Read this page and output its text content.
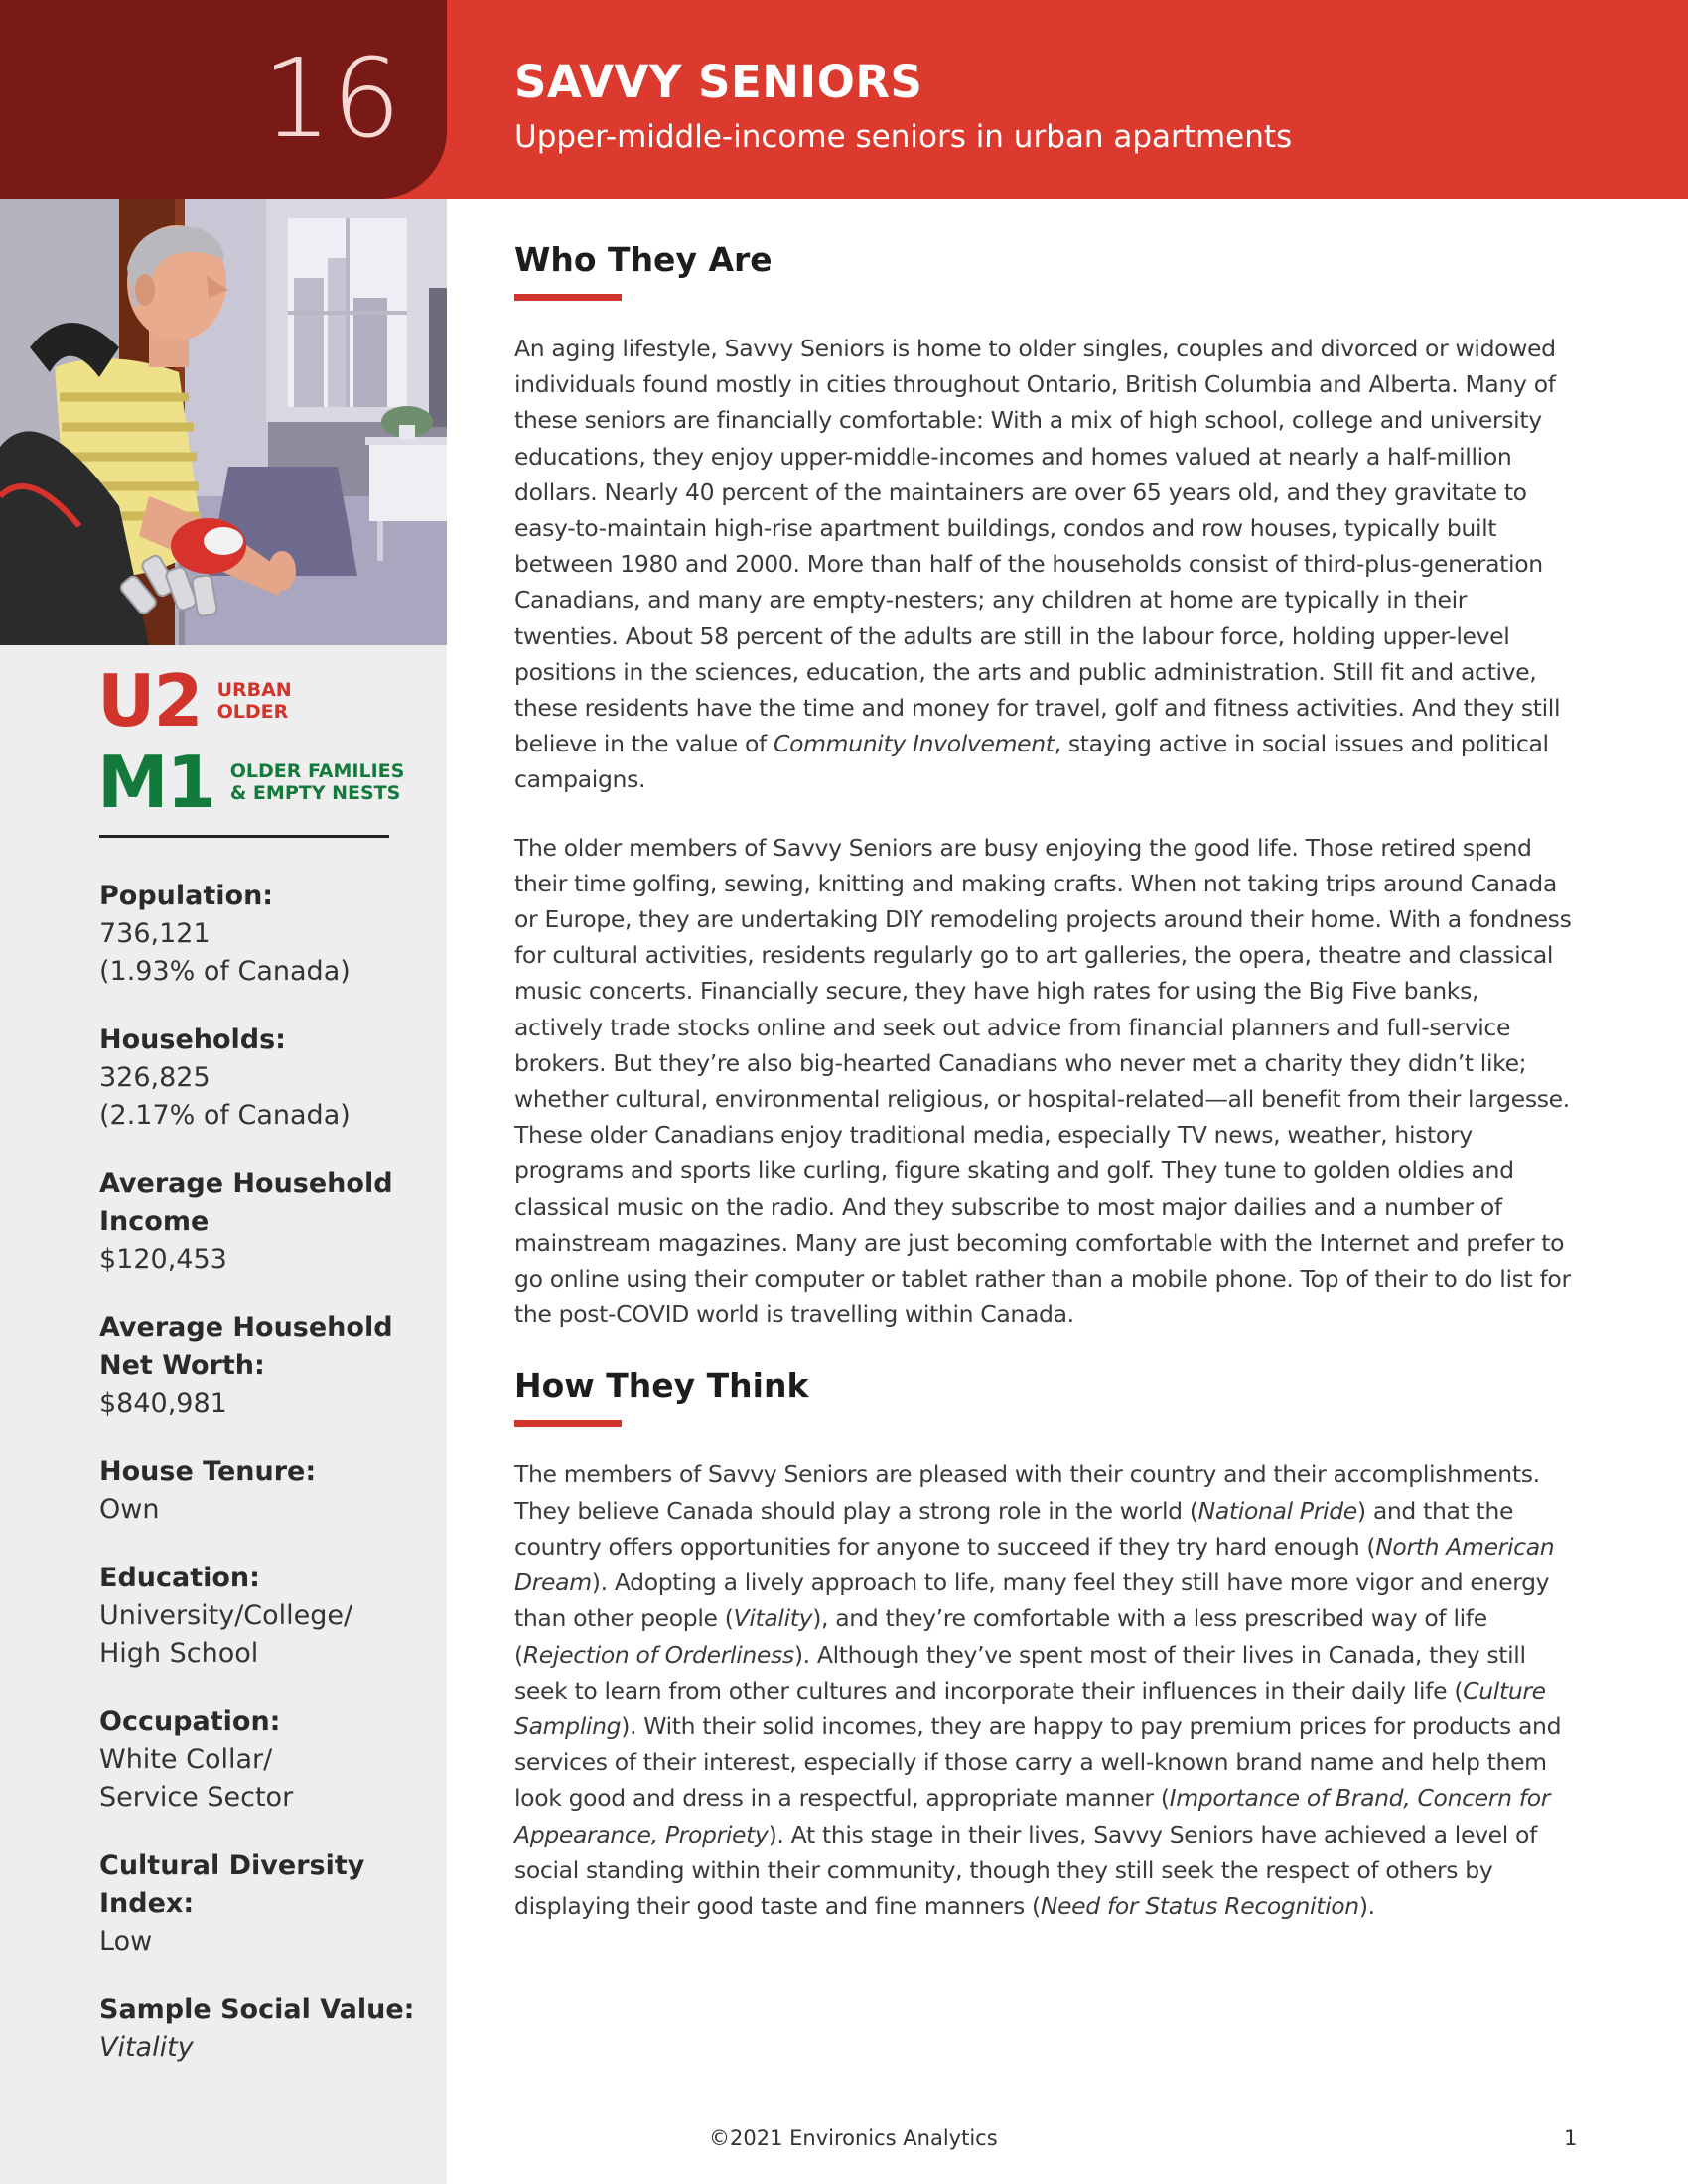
16	SAVVY SENIORS
Upper-middle-income seniors in urban apartments
U2 URBAN
OLDER
M1 OLDER FAMILIES
& EMPTY NESTS
Population:
736,121
(1.93% of Canada)
Households:
326,825
(2.17% of Canada)
Average Household Income
$120,453
Average Household Net Worth:
$840,981
House Tenure:
Own
Education:
University/College/
High School
Occupation:
White Collar/
Service Sector
Cultural Diversity Index:
Low
Sample Social Value:
Vitality
Who They Are

An aging lifestyle, Savvy Seniors is home to older singles, couples and divorced or widowed individuals found mostly in cities throughout Ontario, British Columbia and Alberta. Many of these seniors are financially comfortable: With a mix of high school, college and university educations, they enjoy upper-middle-incomes and homes valued at nearly a half-million dollars. Nearly 40 percent of the maintainers are over 65 years old, and they gravitate to easy-to-maintain high-rise apartment buildings, condos and row houses, typically built between 1980 and 2000. More than half of the households consist of third-plus-generation Canadians, and many are empty-nesters; any children at home are typically in their twenties. About 58 percent of the adults are still in the labour force, holding upper-level positions in the sciences, education, the arts and public administration. Still fit and active, these residents have the time and money for travel, golf and fitness activities. And they still believe in the value of Community Involvement, staying active in social issues and political campaigns.

The older members of Savvy Seniors are busy enjoying the good life. Those retired spend their time golfing, sewing, knitting and making crafts. When not taking trips around Canada or Europe, they are undertaking DIY remodeling projects around their home. With a fondness for cultural activities, residents regularly go to art galleries, the opera, theatre and classical music concerts. Financially secure, they have high rates for using the Big Five banks, actively trade stocks online and seek out advice from financial planners and full-service brokers. But they’re also big-hearted Canadians who never met a charity they didn’t like; whether cultural, environmental religious, or hospital-related—all benefit from their largesse. These older Canadians enjoy traditional media, especially TV news, weather, history programs and sports like curling, figure skating and golf. They tune to golden oldies and classical music on the radio. And they subscribe to most major dailies and a number of mainstream magazines. Many are just becoming comfortable with the Internet and prefer to go online using their computer or tablet rather than a mobile phone. Top of their to do list for the post-COVID world is travelling within Canada.

How They Think

The members of Savvy Seniors are pleased with their country and their accomplishments. They believe Canada should play a strong role in the world (National Pride) and that the country offers opportunities for anyone to succeed if they try hard enough (North American Dream). Adopting a lively approach to life, many feel they still have more vigor and energy than other people (Vitality), and they’re comfortable with a less prescribed way of life (Rejection of Orderliness). Although they’ve spent most of their lives in Canada, they still seek to learn from other cultures and incorporate their influences in their daily life (Culture Sampling). With their solid incomes, they are happy to pay premium prices for products and services of their interest, especially if those carry a well-known brand name and help them look good and dress in a respectful, appropriate manner (Importance of Brand, Concern for Appearance, Propriety). At this stage in their lives, Savvy Seniors have achieved a level of social standing within their community, though they still seek the respect of others by displaying their good taste and fine manners (Need for Status Recognition).

©2021 Environics Analytics	1
